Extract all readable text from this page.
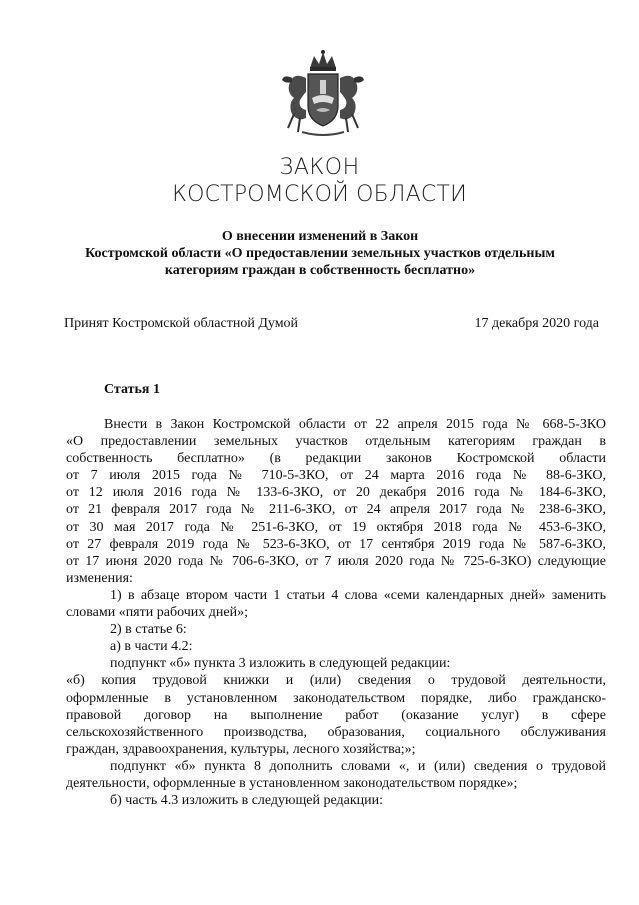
ЗАКОН
КОСТРОМСКОЙ ОБЛАСТИ
О внесении изменений в Закон
Костромской области «О предоставлении земельных участков отдельным
категориям граждан в собственность бесплатно»
Принят Костромской областной Думой	17 декабря 2020 года
Статья 1
Внести в Закон Костромской области от 22 апреля 2015 года № 668-5-ЗКО
«О предоставлении земельных участков отдельным категориям граждан в
собственность бесплатно» (в редакции законов Костромской области
от 7 июля 2015 года № 710-5-ЗКО, от 24 марта 2016 года № 88-6-ЗКО,
от 12 июля 2016 года № 133-6-ЗКО, от 20 декабря 2016 года № 184-6-ЗКО,
от 21 февраля 2017 года № 211-6-ЗКО, от 24 апреля 2017 года № 238-6-ЗКО,
от 30 мая 2017 года № 251-6-ЗКО, от 19 октября 2018 года № 453-6-ЗКО,
от 27 февраля 2019 года № 523-6-ЗКО, от 17 сентября 2019 года № 587-6-ЗКО,
от 17 июня 2020 года № 706-6-ЗКО, от 7 июля 2020 года № 725-6-ЗКО) следующие
изменения:
1) в абзаце втором части 1 статьи 4 слова «семи календарных дней» заменить
словами «пяти рабочих дней»;
2) в статье 6:
а) в части 4.2:
подпункт «б» пункта 3 изложить в следующей редакции:
«б) копия трудовой книжки и (или) сведения о трудовой деятельности,
оформленные в установленном законодательством порядке, либо гражданско-
правовой договор на выполнение работ (оказание услуг) в сфере
сельскохозяйственного производства, образования, социального обслуживания
граждан, здравоохранения, культуры, лесного хозяйства;»;
подпункт «б» пункта 8 дополнить словами «, и (или) сведения о трудовой
деятельности, оформленные в установленном законодательством порядке»;
б) часть 4.3 изложить в следующей редакции:
